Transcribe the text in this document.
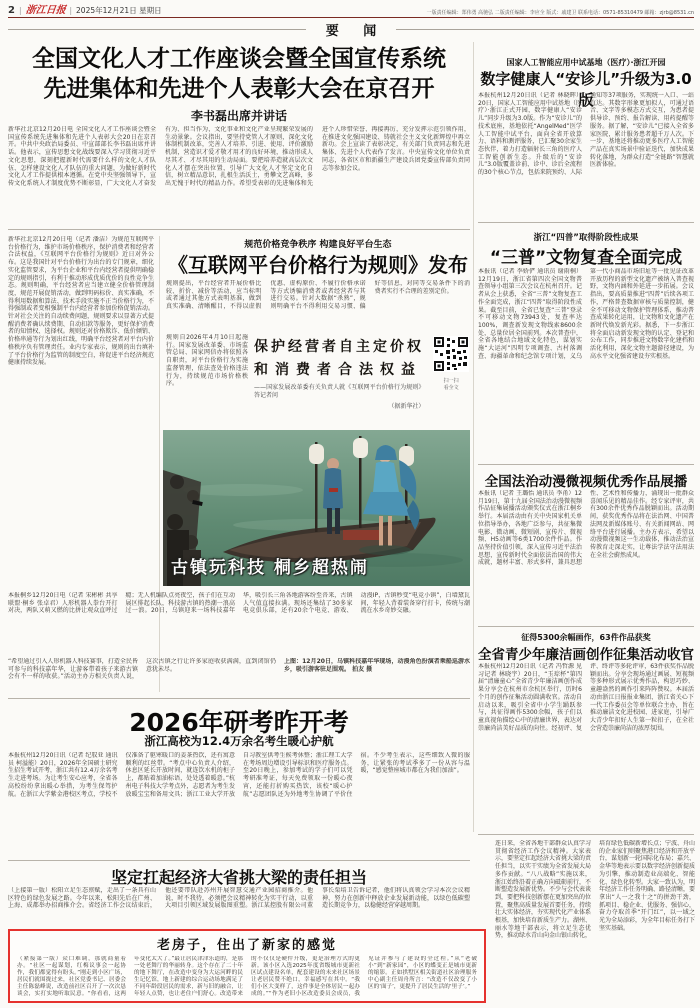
2 | 浙江日报 | 2025年12月21日 星期日	一版责任编辑：郑伟勇 高驰弘 二版责任编辑：李应全 版式：戚建卫 联系电话：0571-85310479 邮箱：zjrb@8531.cn
要 闻
全国文化人才工作座谈会暨全国宣传系统
先进集体和先进个人表彰大会在京召开
李书磊出席并讲话
新华社北京12月20日电 全国文化人才工作座谈会暨全国宣传系统先进集体和先进个人表彰大会20日在京召开。中共中央政治局委员、中宣部部长李书磊出席并讲话。他表示，宣传思想文化战线要深入学习贯彻习近平文化思想，深刻把握新时代需要什么样的文化人才队伍、怎样建设文化人才队伍的重大问题，为做好新时代文化人才工作提供根本遵循。在党中央坚强领导下，宣传文化系统人才制度优势不断彰显，广大文化人才奋发有为、担当作为，文化事业和文化产业呈现繁荣发展的生动景象。会议指出，要坚持党管人才原则，深化文化体制机制改革，完善人才培养、引进、使用、评价激励机制，营造识才爱才敬才用才的良好环境，推动形成人尽其才、才尽其用的生动局面。要把培养造就高层次文化人才摆在突出位置，引导广大文化人才坚定文化自信，树立精品意识，扎根生活沃土，勇攀文艺高峰，多出无愧于时代的精品力作。希望受表彰的先进集体和先进个人珍惜荣誉、再接再厉，充分发挥示范引领作用，在推进文化强国建设、铸就社会主义文化新辉煌中再立新功。会上宣读了表彰决定，有关部门负责同志和先进集体、先进个人代表作了发言。中央宣传文化单位负责同志，各省区市和新疆生产建设兵团党委宣传部负责同志等参加会议。
新华社北京12月20日电（记者 潘洁）为规范互联网平台价格行为，维护市场价格秩序，保护消费者和经营者合法权益，《互联网平台价格行为规则》近日对外公布。这是我国针对平台价格行为出台的专门规章，细化实化监管要求，为平台企业和平台内经营者提供明确稳定的规则指引，有利于推动形成优质优价的良性竞争生态。规则明确，平台经营者应当建立健全价格管理制度，规范开展促销活动，做到明码标价、真实准确，不得利用数据和算法、技术手段实施不正当价格行为，不得强制或者变相强制平台内经营者参加价格促销活动。针对社会关注的自动续费问题，规则要求以显著方式提醒消费者确认续费期、自动扣款等服务，更好保护消费者的知情权、选择权。规则还对价格欺诈、低价倾销、价格串通等行为划出红线，明确平台经营者对平台内价格秩序负有管理责任。业内专家表示，规则的出台填补了平台价格行为监管的制度空白，将促进平台经济规范健康持续发展。
规范价格竞争秩序 构建良好平台生态
《互联网平台价格行为规则》发布
规则提出，平台经营者开展价格比较、折价、减价等活动，应当标明或者通过其他方式表明基准，做到真实准确、清晰醒目，不得以虚假优惠、虚构原价、不履行价格承诺等方式诱骗消费者或者经营者与其进行交易。针对大数据“杀熟”，规则明确平台不得利用交易习惯、偏好等信息，对同等交易条件下的消费者实行不合理的差别定价。
规则自2026年4月10日起施行。国家发展改革委、市场监管总局、国家网信办将依照各自职责，对平台价格行为实施监督管理，依法查处价格违法行为，持续规范市场价格秩序。
保护经营者自主定价权
和消费者合法权益
——国家发展改革委有关负责人就《互联网平台价格行为规则》答记者问
（据新华社）
扫一扫
看全文
古镇玩科技 桐乡超热闹
本报桐乡12月20日电（记者 宋彬彬 共享联盟·桐乡 张卓君）人形机器人拳台开打对决，两队又萌又燃的比拼让观众直呼过瘾；无人机编队点亮夜空，孩子们在互动展区排起长队，科技游古镇的热潮一浪高过一浪。20日，乌镇迎来一场科技嘉年华，吸引长三角各地游客纷至沓来，古镇人气值直接拉满。现场还集结了30多家电竞俱乐部，还有20余个电竞、游戏、动漫IP，古镇秒变“电竞小镇”，白墙黛瓦间，年轻人背着装备穿行打卡，传统与潮流在水乡奇妙交融。
“希望通过引入人形机器人科技赛事，打造全民皆可参与的科技嘉年华，让游客带着孩子来游古镇会有不一样的收获。”活动主办方相关负责人说，这次古镇之行让许多家庭收获满满，直到闭馆仍意犹未尽。
上图：12月20日，乌镇科技嘉年华现场，动漫角色扮演者乘船巡游水乡，吸引游客驻足围观。 拍友 摄
2026年研考昨开考
浙江高校为12.4万余名考生暖心护航
本报杭州12月20日讯（记者 纪驭亚 通讯员 柯溢能）20日，2026年全国硕士研究生招生考试开考，浙江共有12.4万余名考生走进考场。为让考生安心应考，全省各高校纷纷拿出暖心举措，为考生保驾护航。在浙江大学紫金港校区考点，学校不仅准备了驱寒暖口的姜茶热饮，还有寓意顺利的红丝带。“考点中心负责人介绍，休息区延长开放时间，就连饮水机的柜子上，都贴着加油标语，处处透着暖意。”杭州电子科技大学考点外，志愿者为考生发放暖宝宝和备用文具；浙江工业大学开放自习教室供考生候考休整；浙江理工大学在考场周边增设引导标识和医疗服务点。至20日晚上，参加考试的学子们可以凭考研准考证，每天免费领取一份暖心夜宵，还能打折购买热饮，该校“暖心护航”志愿团队还为外地考生协调了平价住宿。不少考生表示，这些细致入微的服务，让紧张的考试季多了一份从容与温暖，“感觉整座城市都在为我们加油”。
坚定扛起经济大省挑大梁的责任担当
（上接第一版）松阳立足生态禀赋，走出了一条具有山区特色的绿色发展之路。今年以来，松阳先后在广州、上海、成都举办招商推介会。省经济工作会议结束后，他还要带队赴苏州开展智慧交通产业园招商推介。他说，时不我待，必须把会议精神转化为实干行动，以重大项目引领区域发展版图重塑。浙江某控股有限公司董事长栗培卫告诉记者，他们将认真领会学习本次会议精神，努力在创新中释放企业发展新动能，以绿色低碳塑造长期竞争力，以稳健经营穿越周期。
老房子，住出了新家的感觉
（紧接第一版）众口难调，那就商量着办。“社区一起谋划，红梅议事会一起协作，我们都觉得有盼头。”刚走到小区广场，居民们就围拢过来，社区党委书记、居委会主任陈磊峰说，改造前社区召开了一次次恳谈会，实打实地听取民意。“你看看，这两年变化太大了。”最让居民津津乐道的，是那一处老舞厅的华丽转身。这个存在了二十年的地下舞厅，在改造中变身为大运河畔的民生记忆馆，地上新建的综合运动场地满足了不同年龄段居民的需求，新与旧的融合，让年轻人点赞，也让老住户们舒心。改造带来的不仅仅是硬件升级，更是治理方式的更新。该小区入选2025年度省级城市更新社区试点建设名单，配套建设的未来社区场景让老居民赞不绝口，幸福感写在其中。“我们小区大变样了，这件事是全体居民一起办成的。”“作为老旧小区改造委员会成员，我见证并参与了建设的全过程。”从“老破小”到“新家园”，小区的蝶变正是城市更新的缩影。正如拱墅区相关街道社区治理服务中心副主任周舟所言：“改造不仅改变了小区的‘面子’，更提升了居民生活的‘里子’。”
国家人工智能应用中试基地（医疗）·浙江开园
数字健康人“安诊儿”升级为3.0版
本报杭州12月20日讯（记者 林晓晖）20日，国家人工智能应用中试基地（医疗）·浙江正式开园，数字健康人“安诊儿”同步升级为3.0版。作为“安诊儿”的技术底座，基地依托“AngelMed”医学人工智能中试平台，面向全省开放算力、语料和测评服务，已汇聚30余家生态伙伴，着力打造辐射长三角的医疗人工智能创新生态。升级后的“安诊儿”3.0版覆盖诊前、诊中、诊后全流程的30个核心节点，包括来院预约、人际通知等37项服务，实现统一入口、一站直达。其数字形象更加拟人，可通过语音、文字等多模态方式交互，为患者提供导诊、预约、报告解读、用药提醒等服务。据了解，“安诊儿”已接入全省多家医院，累计服务患者超千万人次。下一步，基地还将推动更多医疗人工智能产品在真实场景中验证迭代，加快成果转化落地，为群众打造“全链路”智慧就医新体验。
浙江“四普”取得阶段性成果
“三普”文物复查全面完成
本报讯（记者 李娇俨 通讯员 谢雨桐）12月19日，浙江省第四次全国文物普查领导小组第三次会议在杭州召开。记者从会上获悉，全省“三普”文物复查工作全面完成，浙江“四普”取得阶段性成果。截至目前，全省已复查“三普”登录不可移动文物73943处，复查率达100%，调查新发现文物线索8600余处，总量位居全国前列。本次普查中，全省各地结合地域文化特色，谋划实施“大运河”四明专项调查、古村落调查、海疆革命和纪念馆专项计划，义乌第一代小商品市场旧址等一批见证改革开放历程的新型文化遗产被纳入普查视野，文物内涵和外延进一步拓展。会议指出，要高质量推进“四普”后续各项工作，严格普查数据审核与质量控制，健全不可移动文物保护管理体系，推动普查成果转化运用，让文物和文化遗产在新时代焕发新光彩。据悉，下一步浙江将全面启动新发现文物的认定、登记和公布工作，同步推进文物数字化建档和活化利用，深化文物主题游径建设，为高水平文化强省建设夯实根基。
全国法治动漫微视频优秀作品展播
本报讯（记者 王璐怡 通讯员 李甬）12月19日，第十九届全国法治动漫微视频作品征集展播活动颁奖仪式在浙江桐乡举行。本届活动由有关中央国家机关单位指导举办，各地广泛参与，共征集微电影、微动画、微短剧、宣传片、微视频、H5动画等6类1700余件作品。作品坚持价值引领，深入宣传习近平法治思想，宣传新时代全面依法治国的伟大成就，题材丰富、形式多样，兼具思想性、艺术性和传播力，涌现出一批群众喜闻乐见的精品佳作。经专家评审，共有300余件优秀作品脱颖而出。活动期间，获奖优秀作品将在法治网、中国普法网及新媒体账号、有关新闻网站、网络平台进行展播。主办方表示，希望以动漫微视频这一生动载体，推动法治宣传教育走深走实，让尊法学法守法用法在全社会蔚然成风。
征得5300余幅画作，63件作品获奖
全省青少年廉洁画创作征集活动收官
本报杭州12月20日讯（记者 冯哲源 见习记者 林晓宇）20日，“玉琮杯”第四届“清廉童心”全省青少年廉洁画创作成果分享会在杭州市余杭区举行，历时6个月的创作征集活动圆满收官。活动自启动以来，吸引全省中小学生踊跃参与，共征得画作5300余幅，孩子们以童真视角描绘心中的清廉世界，表达对崇廉尚洁美好品质的向往。经初评、复评、终评等多轮评审，63件获奖作品脱颖而出。分享会现场通过画展、短视频等多种形式展示优秀作品，构思巧妙、童趣盎然的画作引来阵阵赞叹。本届活动由浙江日报报业集团、浙江省关心下一代工作委员会等单位联合主办，旨在推动廉洁文化进校园、进家庭，引导广大青少年扣好人生第一粒扣子，在全社会营造崇廉尚洁的浓厚氛围。
连日来，全省各地干部群众认真学习贯彻省经济工作会议精神。大家表示，要坚定扛起经济大省挑大梁的责任担当，以实干实绩为全省发展大局多作贡献。“八八战略”实施以来，浙江始终沿着正确方向砥砺前行，不断塑造发展新优势。不少与会代表谈到，要把科技创新摆在更加突出的位置，聚焦高质量发展首要任务，持续壮大实体经济，夯实现代化产业体系根基，加快培育新质生产力。湖州、丽水等地干部表示，将立足生态优势，推动绿水青山向金山银山转化，培育绿色低碳新增长点；宁波、舟山的企业家们则聚焦港口经济和开放平台，谋划新一轮国际化布局；嘉兴、金华等地表示要以数字经济创新提质为引擎，推动制造业高端化、智能化、绿色化转型。大家一致认为，明年经济工作任务明确、路径清晰，要拿出“人一之我十之”的拼劲干劲，抓项目、稳企业、优服务、强信心，奋力夺取首季“开门红”，以一域之光为全局添彩，为全年目标任务打下坚实基础。
